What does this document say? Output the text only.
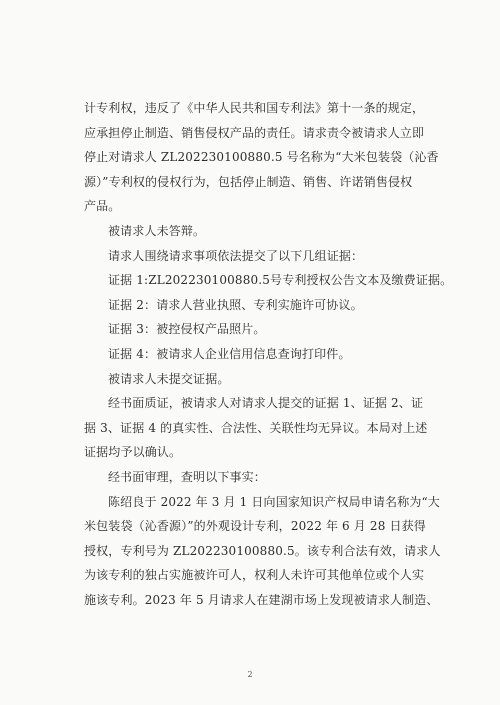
计专利权，违反了《中华人民共和国专利法》第十一条的规定，
应承担停止制造、销售侵权产品的责任。请求责令被请求人立即
停止对请求人 ZL202230100880.5 号名称为“大米包装袋（沁香
源）”专利权的侵权行为，包括停止制造、销售、许诺销售侵权
产品。
被请求人未答辩。
请求人围绕请求事项依法提交了以下几组证据：
证据 1:ZL202230100880.5号专利授权公告文本及缴费证据。
证据 2：请求人营业执照、专利实施许可协议。
证据 3：被控侵权产品照片。
证据 4：被请求人企业信用信息查询打印件。
被请求人未提交证据。
经书面质证，被请求人对请求人提交的证据 1、证据 2、证
据 3、证据 4 的真实性、合法性、关联性均无异议。本局对上述
证据均予以确认。
经书面审理，查明以下事实：
陈绍良于 2022 年 3 月 1 日向国家知识产权局申请名称为“大
米包装袋（沁香源）”的外观设计专利，2022 年 6 月 28 日获得
授权，专利号为 ZL202230100880.5。该专利合法有效，请求人
为该专利的独占实施被许可人，权利人未许可其他单位或个人实
施该专利。2023 年 5 月请求人在建湖市场上发现被请求人制造、
2
